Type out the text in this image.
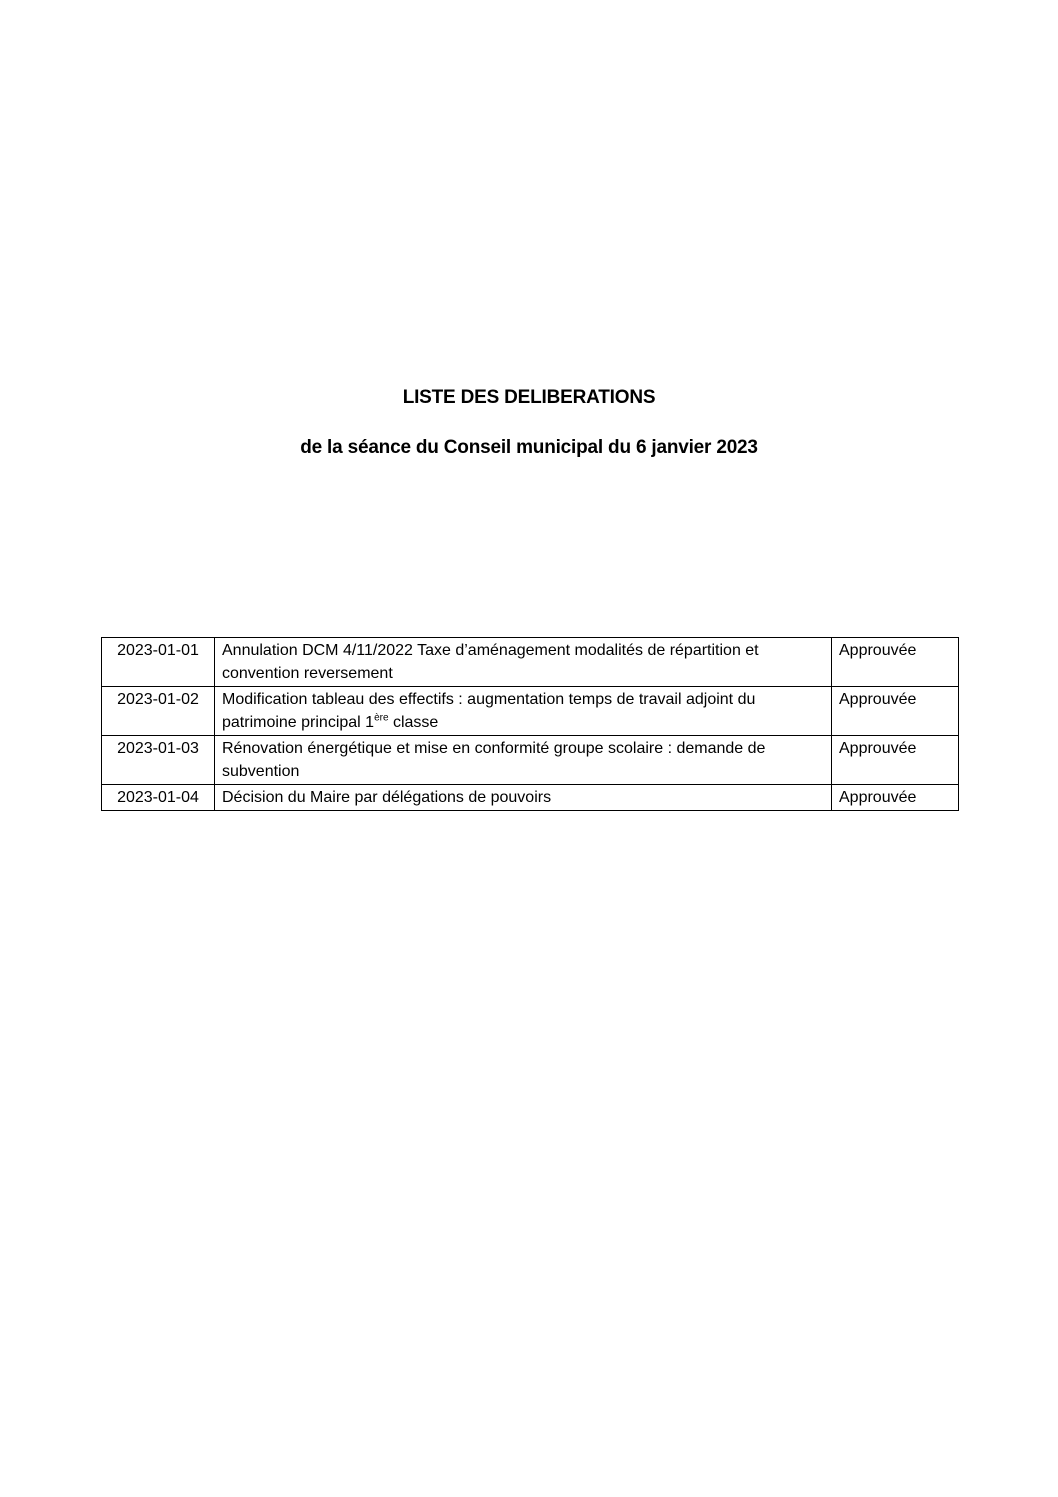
LISTE DES DELIBERATIONS
de la séance du Conseil municipal du 6 janvier 2023
2023-01-01	Annulation DCM 4/11/2022 Taxe d’aménagement modalités de répartition et convention reversement	Approuvée
2023-01-02	Modification tableau des effectifs : augmentation temps de travail adjoint du patrimoine principal 1ère classe	Approuvée
2023-01-03	Rénovation énergétique et mise en conformité groupe scolaire : demande de subvention	Approuvée
2023-01-04	Décision du Maire par délégations de pouvoirs	Approuvée
